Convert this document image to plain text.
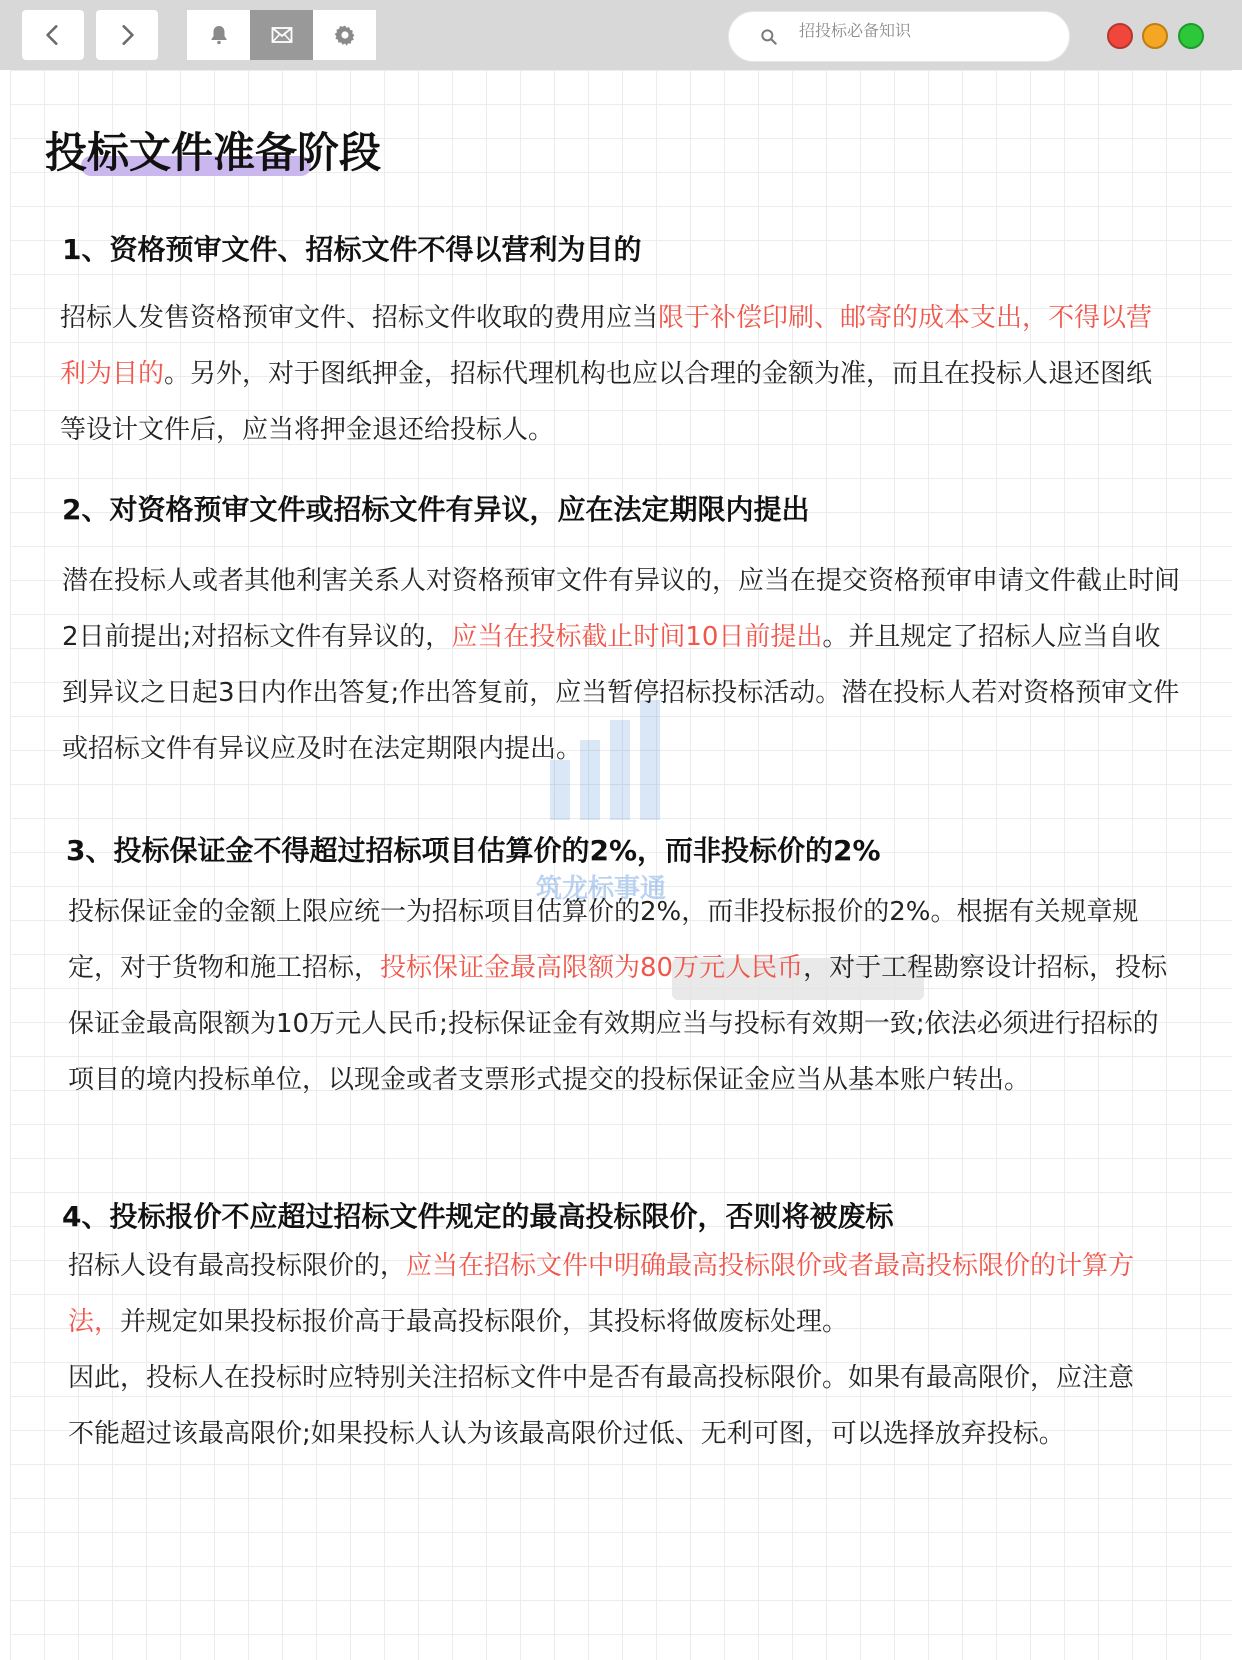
招投标必备知识
筑龙标事通
投标文件准备阶段
1、资格预审文件、招标文件不得以营利为目的

招标人发售资格预审文件、招标文件收取的费用应当限于补偿印刷、邮寄的成本支出，不得以营利为目的。另外，对于图纸押金，招标代理机构也应以合理的金额为准，而且在投标人退还图纸等设计文件后，应当将押金退还给投标人。

2、对资格预审文件或招标文件有异议，应在法定期限内提出

潜在投标人或者其他利害关系人对资格预审文件有异议的，应当在提交资格预审申请文件截止时间2日前提出;对招标文件有异议的，应当在投标截止时间10日前提出。并且规定了招标人应当自收到异议之日起3日内作出答复;作出答复前，应当暂停招标投标活动。潜在投标人若对资格预审文件或招标文件有异议应及时在法定期限内提出。

3、投标保证金不得超过招标项目估算价的2%，而非投标价的2%

投标保证金的金额上限应统一为招标项目估算价的2%，而非投标报价的2%。根据有关规章规定，对于货物和施工招标，投标保证金最高限额为80万元人民币，对于工程勘察设计招标，投标保证金最高限额为10万元人民币;投标保证金有效期应当与投标有效期一致;依法必须进行招标的项目的境内投标单位，以现金或者支票形式提交的投标保证金应当从基本账户转出。

4、投标报价不应超过招标文件规定的最高投标限价，否则将被废标

招标人设有最高投标限价的，应当在招标文件中明确最高投标限价或者最高投标限价的计算方法，并规定如果投标报价高于最高投标限价，其投标将做废标处理。

因此，投标人在投标时应特别关注招标文件中是否有最高投标限价。如果有最高限价，应注意不能超过该最高限价;如果投标人认为该最高限价过低、无利可图，可以选择放弃投标。
